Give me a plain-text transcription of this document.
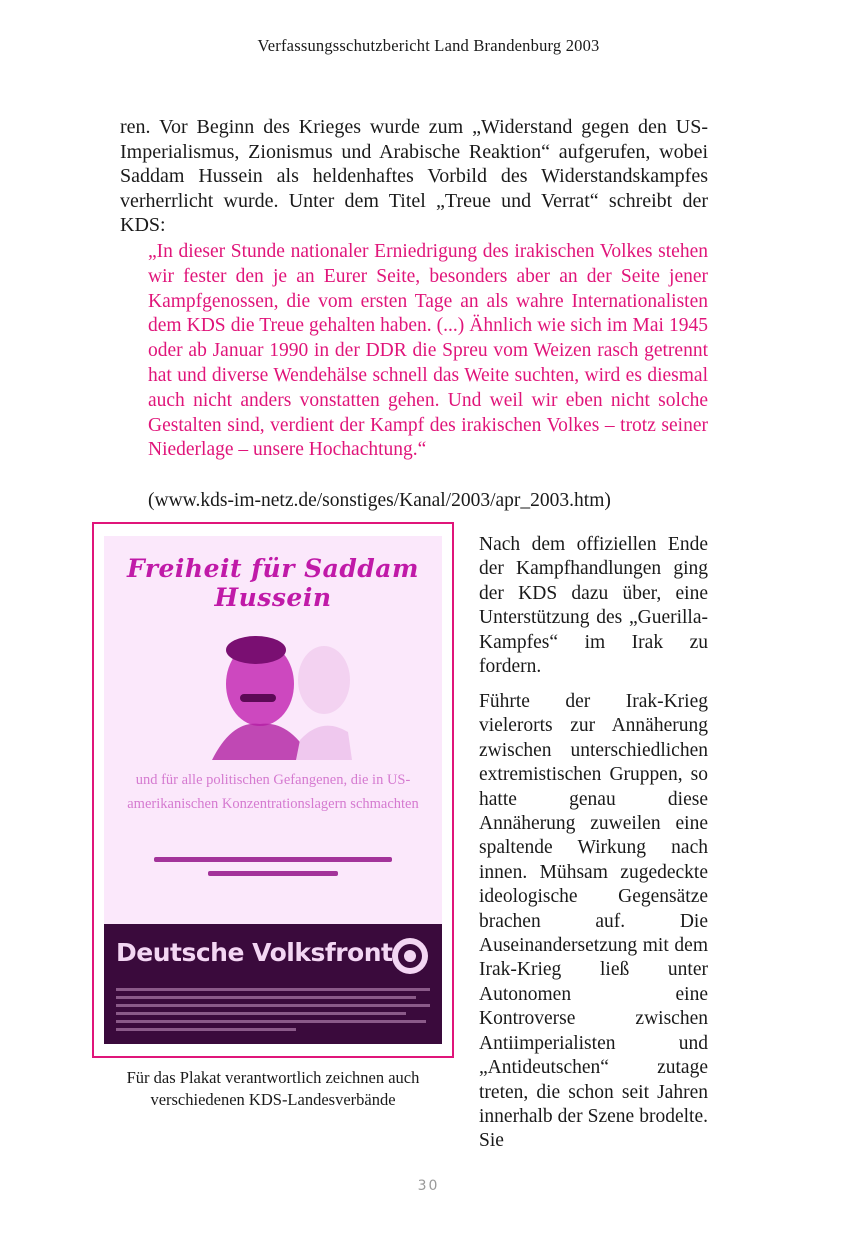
Verfassungsschutzbericht Land Brandenburg 2003

ren. Vor Beginn des Krieges wurde zum „Widerstand gegen den US-Imperialismus, Zionismus und Arabische Reaktion“ aufgerufen, wobei Saddam Hussein als heldenhaftes Vorbild des Widerstandskampfes verherrlicht wurde. Unter dem Titel „Treue und Verrat“ schreibt der KDS:

„In dieser Stunde nationaler Erniedrigung des irakischen Volkes stehen wir fester den je an Eurer Seite, besonders aber an der Seite jener Kampfgenossen, die vom ersten Tage an als wahre Internationalisten dem KDS die Treue gehalten haben. (...) Ähnlich wie sich im Mai 1945 oder ab Januar 1990 in der DDR die Spreu vom Weizen rasch getrennt hat und diverse Wendehälse schnell das Weite suchten, wird es diesmal auch nicht anders vonstatten gehen. Und weil wir eben nicht solche Gestalten sind, verdient der Kampf des irakischen Volkes – trotz seiner Niederlage – unsere Hochachtung.“

(www.kds-im-netz.de/sonstiges/Kanal/2003/apr_2003.htm)

Freiheit für Saddam Hussein
und für alle politischen Gefangenen, die in US-amerikanischen Konzentrationslagern schmachten
Deutsche Volksfront

Für das Plakat verantwortlich zeichnen auch verschiedenen KDS-Landesverbände

Nach dem offiziellen Ende der Kampfhandlungen ging der KDS dazu über, eine Unterstützung des „Guerilla-Kampfes“ im Irak zu fordern.

Führte der Irak-Krieg vielerorts zur Annäherung zwischen unterschiedlichen extremistischen Gruppen, so hatte genau diese Annäherung zuweilen eine spaltende Wirkung nach innen. Mühsam zugedeckte ideologische Gegensätze brachen auf. Die Auseinandersetzung mit dem Irak-Krieg ließ unter Autonomen eine Kontroverse zwischen Antiimperialisten und „Antideutschen“ zutage treten, die schon seit Jahren innerhalb der Szene brodelte. Sie

30
